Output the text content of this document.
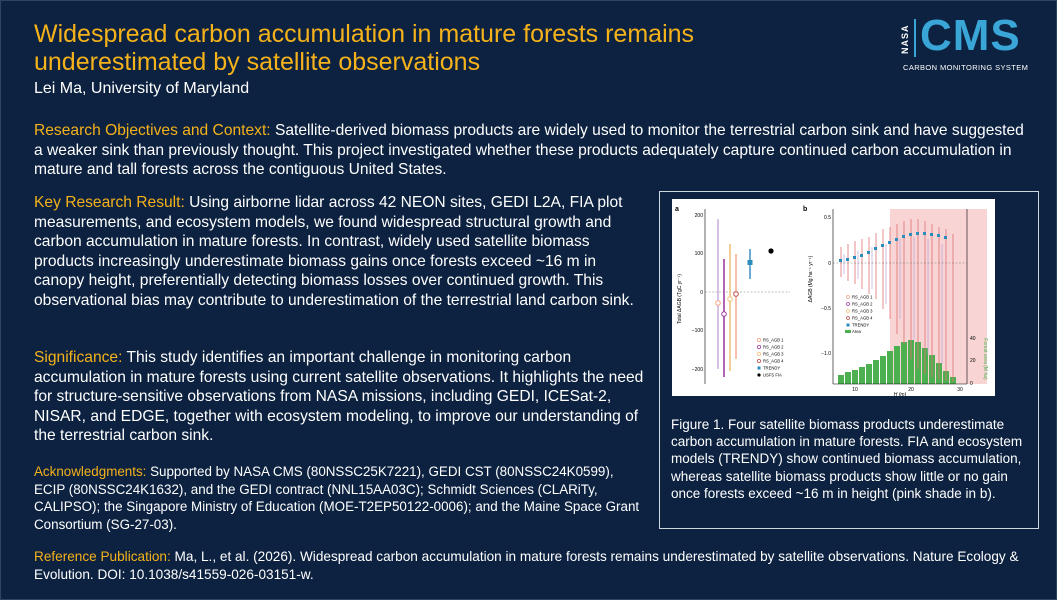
Widespread carbon accumulation in mature forests remains underestimated by satellite observations
Lei Ma, University of Maryland
NASA CMS
CARBON MONITORING SYSTEM
Research Objectives and Context: Satellite-derived biomass products are widely used to monitor the terrestrial carbon sink and have suggested a weaker sink than previously thought. This project investigated whether these products adequately capture continued carbon accumulation in mature and tall forests across the contiguous United States.
Key Research Result: Using airborne lidar across 42 NEON sites, GEDI L2A, FIA plot measurements, and ecosystem models, we found widespread structural growth and carbon accumulation in mature forests. In contrast, widely used satellite biomass products increasingly underestimate biomass gains once forests exceed ~16 m in canopy height, preferentially detecting biomass losses over continued growth. This observational bias may contribute to underestimation of the terrestrial land carbon sink.
Significance: This study identifies an important challenge in monitoring carbon accumulation in mature forests using current satellite observations. It highlights the need for structure-sensitive observations from NASA missions, including GEDI, ICESat-2, NISAR, and EDGE, together with ecosystem modeling, to improve our understanding of the terrestrial carbon sink.
Acknowledgments: Supported by NASA CMS (80NSSC25K7221), GEDI CST (80NSSC24K0599), ECIP (80NSSC24K1632), and the GEDI contract (NNL15AA03C); Schmidt Sciences (CLARiTy, CALIPSO); the Singapore Ministry of Education (MOE-T2EP50122-0006); and the Maine Space Grant Consortium (SG-27-03).
Reference Publication: Ma, L., et al. (2026). Widespread carbon accumulation in mature forests remains underestimated by satellite observations. Nature Ecology & Evolution. DOI: 10.1038/s41559-026-03151-w.
a
Total ΔAGB (TgC yr⁻¹)
200
100
0
−100
−200
RS_AGB 1
RS_AGB 2
RS_AGB 3
RS_AGB 4
TRENDY
USFS FIA
b
ΔAGB (Mg ha⁻¹ yr⁻¹)
0.5
0
−0.5
−1.0
40
20
0
Forest area (M ha)
10	20	30
H (m)
RS_AGB 1
RS_AGB 2
RS_AGB 3
RS_AGB 4
TRENDY
Area
Figure 1. Four satellite biomass products underestimate carbon accumulation in mature forests. FIA and ecosystem models (TRENDY) show continued biomass accumulation, whereas satellite biomass products show little or no gain once forests exceed ~16 m in height (pink shade in b).
